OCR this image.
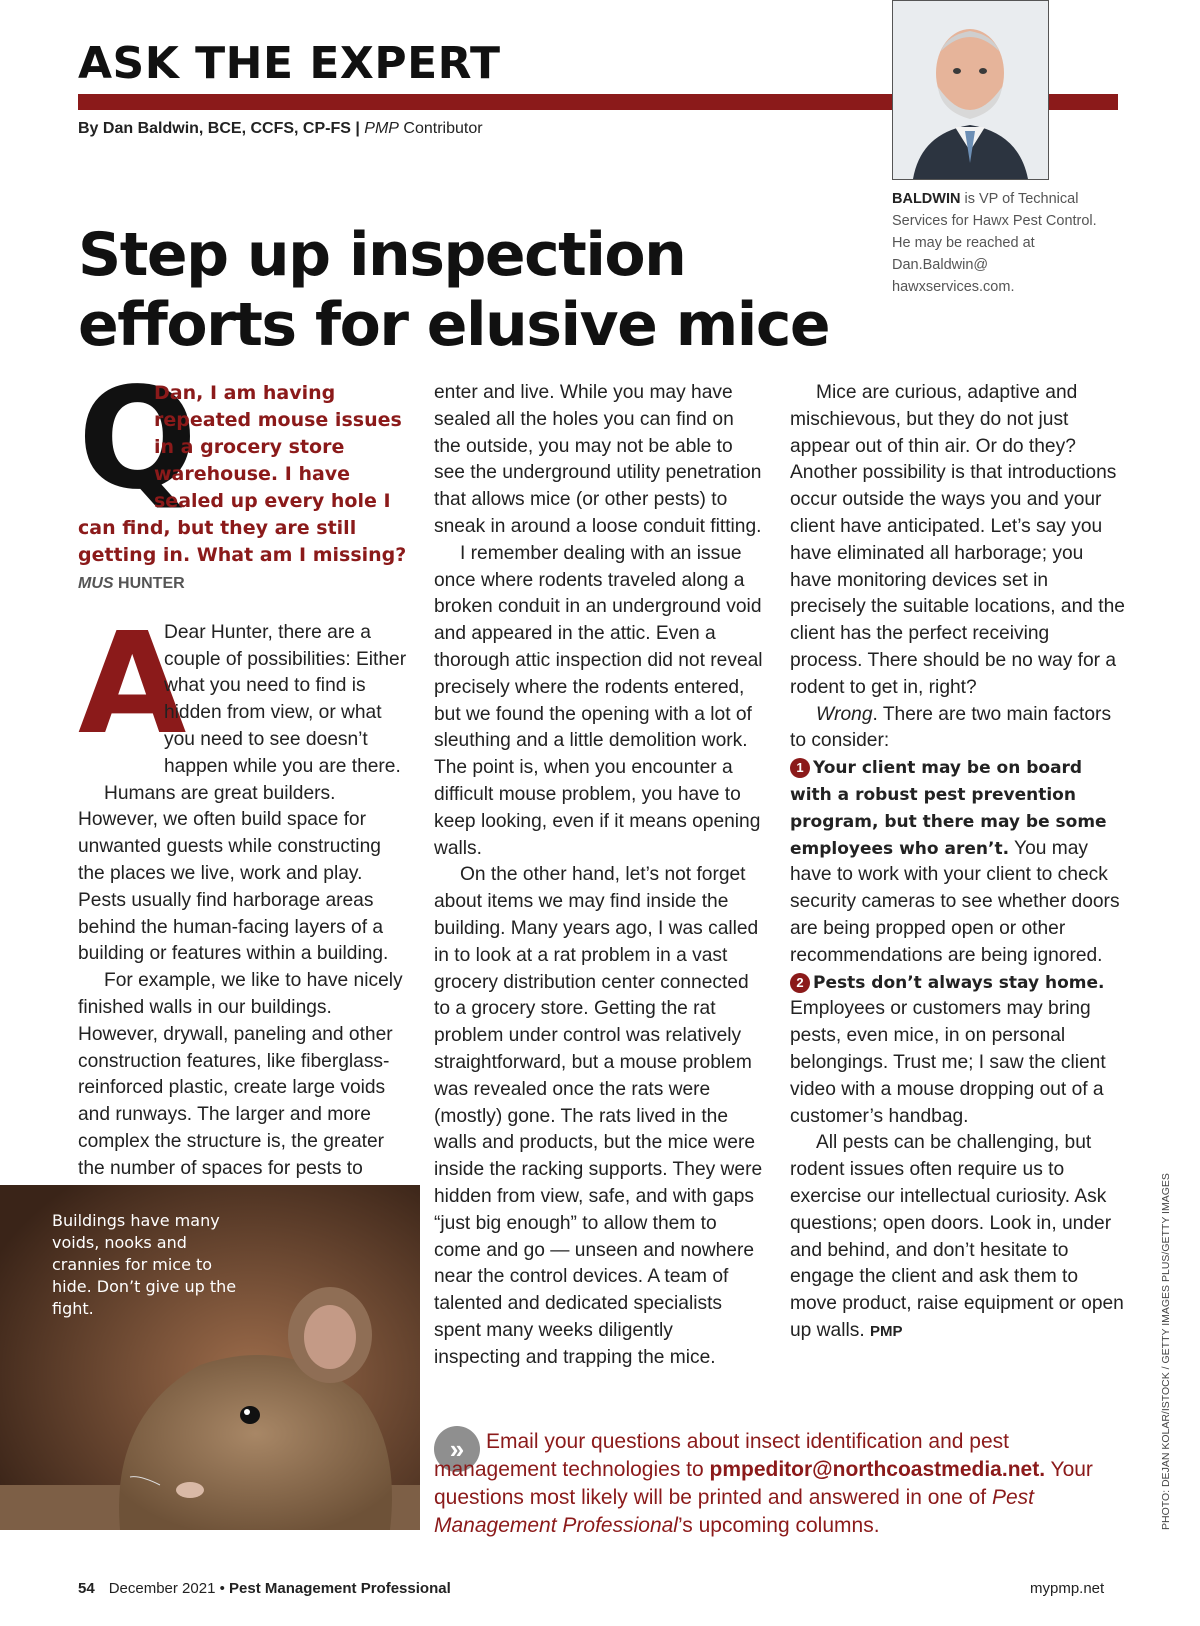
ASK THE EXPERT
By Dan Baldwin, BCE, CCFS, CP-FS | PMP Contributor
BALDWIN is VP of Technical Services for Hawx Pest Control. He may be reached at Dan.Baldwin@ hawxservices.com.
Step up inspection efforts for elusive mice
Q
Dan, I am having repeated mouse issues in a grocery store warehouse. I have sealed up every hole I can find, but they are still getting in. What am I missing?
MUS HUNTER
A

Dear Hunter, there are a couple of possibilities: Either what you need to find is hidden from view, or what you need to see doesn’t happen while you are there.

Humans are great builders. However, we often build space for unwanted guests while constructing the places we live, work and play. Pests usually find harborage areas behind the human-facing layers of a building or features within a building.

For example, we like to have nicely finished walls in our buildings. However, drywall, paneling and other construction features, like fiberglass-reinforced plastic, create large voids and runways. The larger and more complex the structure is, the greater the number of spaces for pests to

enter and live. While you may have sealed all the holes you can find on the outside, you may not be able to see the underground utility penetration that allows mice (or other pests) to sneak in around a loose conduit fitting.

I remember dealing with an issue once where rodents traveled along a broken conduit in an underground void and appeared in the attic. Even a thorough attic inspection did not reveal precisely where the rodents entered, but we found the opening with a lot of sleuthing and a little demolition work. The point is, when you encounter a difficult mouse problem, you have to keep looking, even if it means opening walls.

On the other hand, let’s not forget about items we may find inside the building. Many years ago, I was called in to look at a rat problem in a vast grocery distribution center connected to a grocery store. Getting the rat problem under control was relatively straightforward, but a mouse problem was revealed once the rats were (mostly) gone. The rats lived in the walls and products, but the mice were inside the racking supports. They were hidden from view, safe, and with gaps “just big enough” to allow them to come and go — unseen and nowhere near the control devices. A team of talented and dedicated specialists spent many weeks diligently inspecting and trapping the mice.

Mice are curious, adaptive and mischievous, but they do not just appear out of thin air. Or do they? Another possibility is that introductions occur outside the ways you and your client have anticipated. Let’s say you have eliminated all harborage; you have monitoring devices set in precisely the suitable locations, and the client has the perfect receiving process. There should be no way for a rodent to get in, right?

Wrong. There are two main factors to consider:

1 Your client may be on board with a robust pest prevention program, but there may be some employees who aren’t. You may have to work with your client to check security cameras to see whether doors are being propped open or other recommendations are being ignored.

2 Pests don’t always stay home. Employees or customers may bring pests, even mice, in on personal belongings. Trust me; I saw the client video with a mouse dropping out of a customer’s handbag.

All pests can be challenging, but rodent issues often require us to exercise our intellectual curiosity. Ask questions; open doors. Look in, under and behind, and don’t hesitate to engage the client and ask them to move product, raise equipment or open up walls. PMP

Buildings have many voids, nooks and crannies for mice to hide. Don’t give up the fight.
»	Email your questions about insect identification and pest management technologies to pmpeditor@northcoastmedia.net. Your questions most likely will be printed and answered in one of Pest Management Professional’s upcoming columns.	PHOTO: DEJAN KOLAR/ISTOCK / GETTY IMAGES PLUS/GETTY IMAGES
54 December 2021 • Pest Management Professional	mypmp.net
